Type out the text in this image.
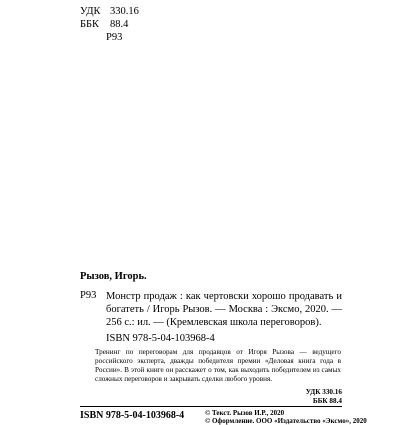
УДК 330.16
ББК 88.4
Р93
Рызов, Игорь.
Р93 Монстр продаж : как чертовски хорошо продавать и богатеть / Игорь Рызов. — Москва : Эксмо, 2020. — 256 с.: ил. — (Кремлевская школа переговоров).
ISBN 978-5-04-103968-4
Тренинг по переговорам для продавцов от Игоря Рызова — ведущего российского эксперта, дважды победителя премии «Деловая книга года в России». В этой книге он расскажет о том, как выходить победителем из самых сложных переговоров и закрывать сделки любого уровня.
УДК 330.16
ББК 88.4
ISBN 978-5-04-103968-4	© Текст. Рызов И.Р., 2020
© Оформление. ООО «Издательство «Эксмо», 2020
